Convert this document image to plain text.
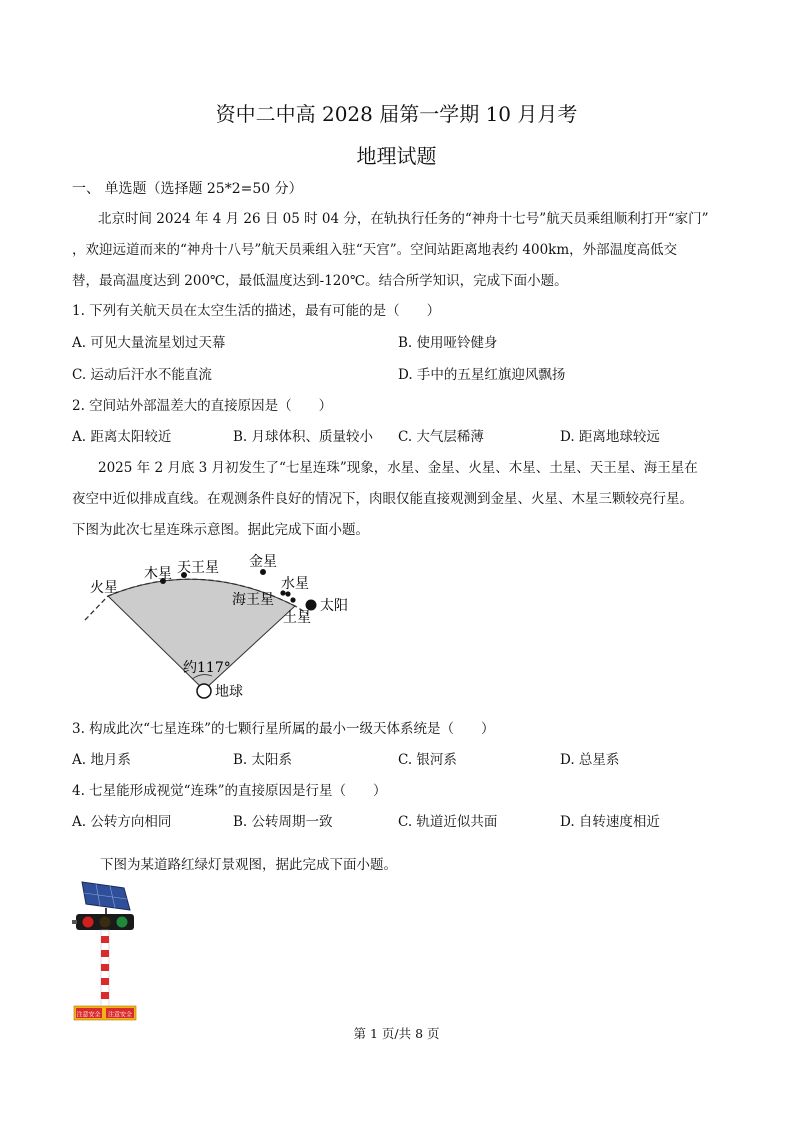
资中二中高 2028 届第一学期 10 月月考
地理试题
一、 单选题（选择题 25*2=50 分）
北京时间 2024 年 4 月 26 日 05 时 04 分，在轨执行任务的“神舟十七号”航天员乘组顺利打开“家门”
，欢迎远道而来的“神舟十八号”航天员乘组入驻“天宫”。空间站距离地表约 400km，外部温度高低交
替，最高温度达到 200℃，最低温度达到-120℃。结合所学知识，完成下面小题。
1. 下列有关航天员在太空生活的描述，最有可能的是（　　）
A. 可见大量流星划过天幕	B. 使用哑铃健身
C. 运动后汗水不能直流	D. 手中的五星红旗迎风飘扬
2. 空间站外部温差大的直接原因是（　　）
A. 距离太阳较近	B. 月球体积、质量较小 C. 大气层稀薄	D. 距离地球较远
2025 年 2 月底 3 月初发生了“七星连珠”现象，水星、金星、火星、木星、土星、天王星、海王星在
夜空中近似排成直线。在观测条件良好的情况下，肉眼仅能直接观测到金星、火星、木星三颗较亮行星。
下图为此次七星连珠示意图。据此完成下面小题。
火星
木星 天王星 金星
水星
海王星
土星
太阳
约117°
地球
3. 构成此次“七星连珠”的七颗行星所属的最小一级天体系统是（　　）
A. 地月系	B. 太阳系	C. 银河系	D. 总星系
4. 七星能形成视觉“连珠”的直接原因是行星（　　）
A. 公转方向相同	B. 公转周期一致	C. 轨道近似共面	D. 自转速度相近
下图为某道路红绿灯景观图，据此完成下面小题。
注意安全 注意安全
第 1 页/共 8 页
